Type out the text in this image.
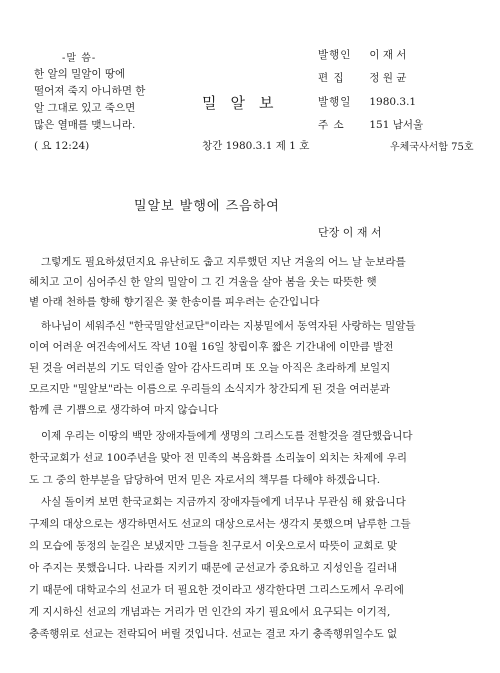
-말 씀-
한 알의 밀알이 땅에
떨어져 죽지 아니하면 한
알 그대로 있고 죽으면
많은 열매를 맺느니라.
( 요 12:24)
밀알보
창간 1980.3.1 제 1 호
발행인 이 재 서
편 집 정 원 균
발행일 1980.3.1
주 소 151 남서울
우체국사서함 75호
밀알보 발행에 즈음하여
단장 이 재 서
그렇게도 필요하셨던지요 유난히도 춥고 지루했던 지난 겨울의 어느 날 눈보라를
헤치고 고이 심어주신 한 알의 밀알이 그 긴 겨울을 살아 봄을 웃는 따뜻한 햇
볕 아래 천하를 향해 향기짙은 꽃 한송이를 피우려는 순간입니다
하나님이 세워주신 "한국밀알선교단"이라는 지붕밑에서 동역자된 사랑하는 밀알들
이여 어려운 여건속에서도 작년 10월 16일 창립이후 짧은 기간내에 이만큼 발전
된 것을 여러분의 기도 덕인줄 알아 감사드리며 또 오늘 아직은 초라하게 보일지
모르지만 "밀알보"라는 이름으로 우리들의 소식지가 창간되게 된 것을 여러분과
함께 큰 기쁨으로 생각하여 마지 않습니다
이제 우리는 이땅의 백만 장애자들에게 생명의 그리스도를 전할것을 결단했읍니다
한국교회가 선교 100주년을 맞아 전 민족의 복음화를 소리높이 외치는 차제에 우리
도 그 중의 한부분을 담당하여 먼저 믿은 자로서의 책무를 다해야 하겠읍니다.
사실 돌이켜 보면 한국교회는 지금까지 장애자들에게 너무나 무관심 해 왔읍니다
구제의 대상으로는 생각하면서도 선교의 대상으로서는 생각지 못했으며 남루한 그들
의 모습에 동정의 눈길은 보냈지만 그들을 친구로서 이웃으로서 따뜻이 교회로 맞
아 주지는 못했읍니다. 나라를 지키기 때문에 군선교가 중요하고 지성인을 길러내
기 때문에 대학교수의 선교가 더 필요한 것이라고 생각한다면 그리스도께서 우리에
게 지시하신 선교의 개념과는 거리가 먼 인간의 자기 필요에서 요구되는 이기적,
충족행위로 선교는 전락되어 버릴 것입니다. 선교는 결코 자기 충족행위일수도 없
